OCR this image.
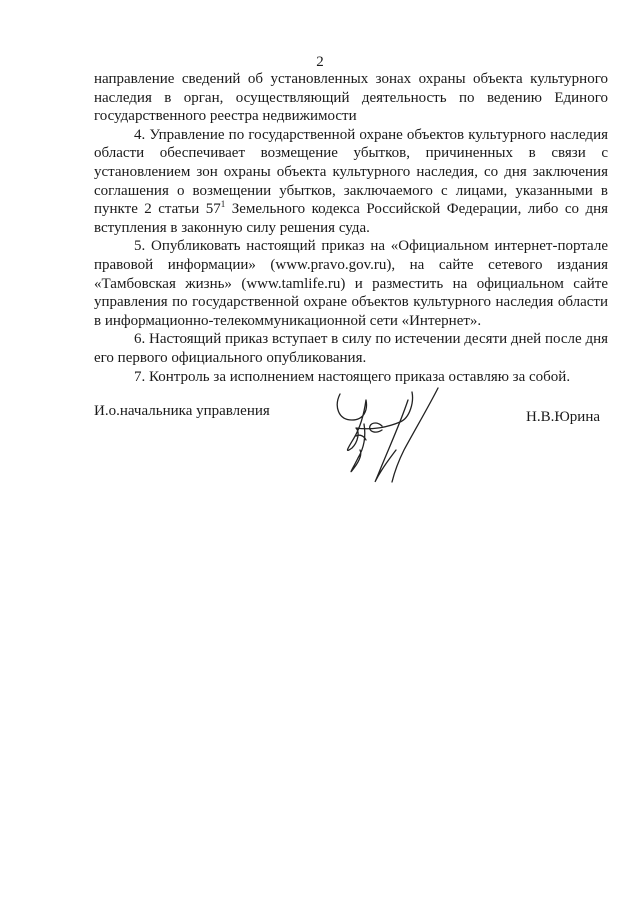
2

направление сведений об установленных зонах охраны объекта культурного наследия в орган, осуществляющий деятельность по ведению Единого государственного реестра недвижимости

4. Управление по государственной охране объектов культурного наследия области обеспечивает возмещение убытков, причиненных в связи с установлением зон охраны объекта культурного наследия, со дня заключения соглашения о возмещении убытков, заключаемого с лицами, указанными в пункте 2 статьи $57^1$ Земельного кодекса Российской Федерации, либо со дня вступления в законную силу решения суда.

5. Опубликовать настоящий приказ на «Официальном интернет-портале правовой информации» (www.pravo.gov.ru), на сайте сетевого издания «Тамбовская жизнь» (www.tamlife.ru) и разместить на официальном сайте управления по государственной охране объектов культурного наследия области в информационно-телекоммуникационной сети «Интернет».

6. Настоящий приказ вступает в силу по истечении десяти дней после дня его первого официального опубликования.

7. Контроль за исполнением настоящего приказа оставляю за собой.

И.о.начальника управления	Н.В.Юрина
